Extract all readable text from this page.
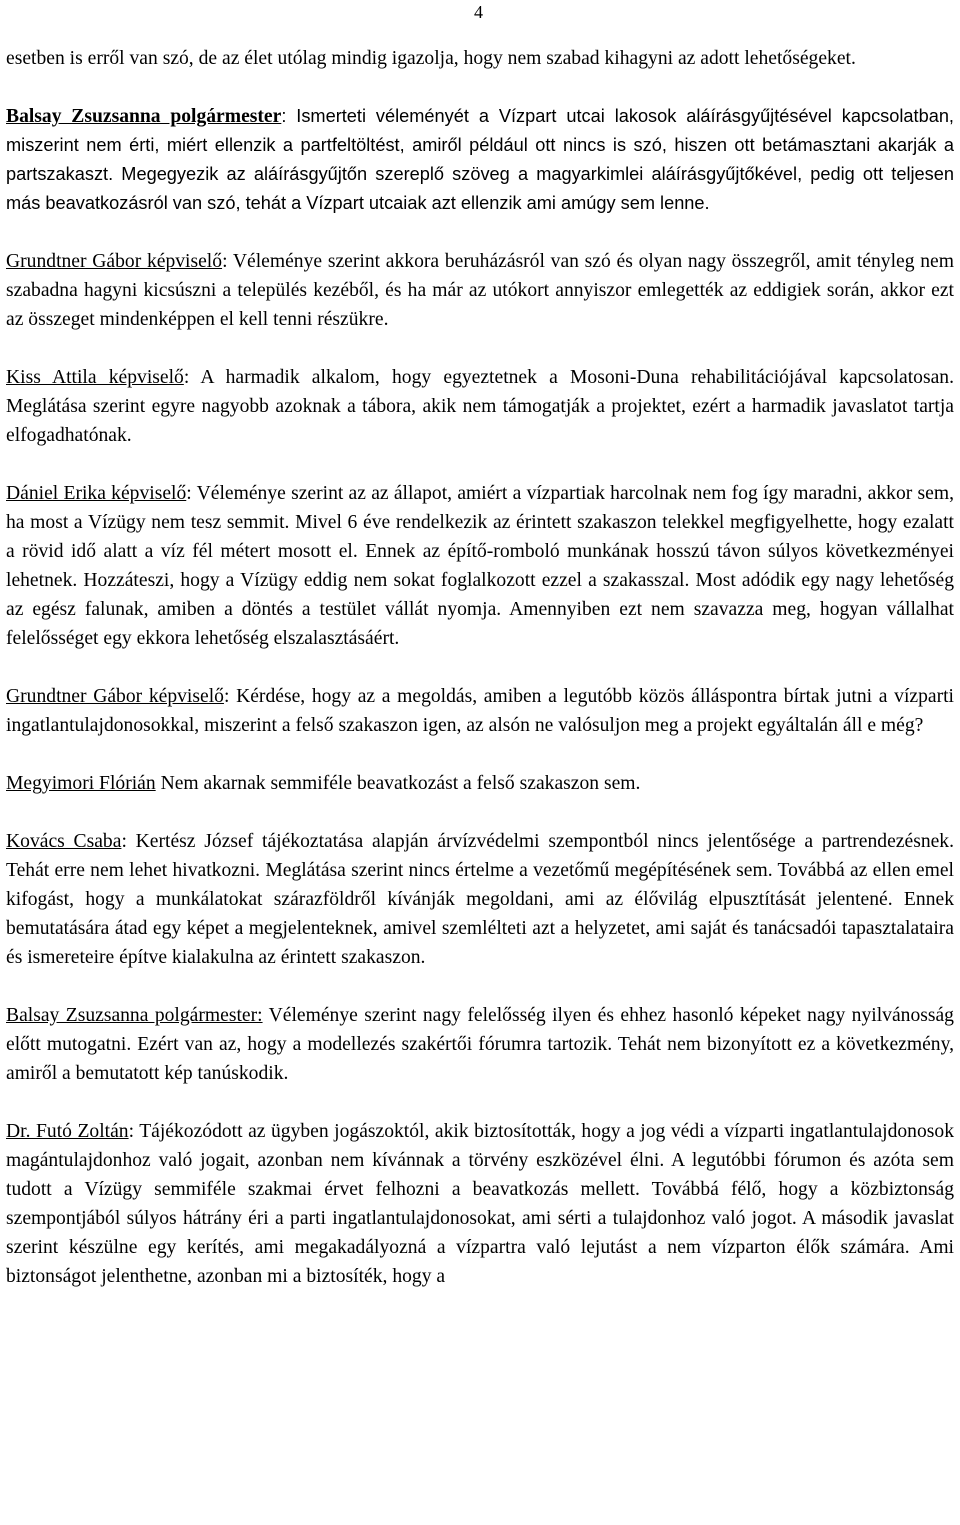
4

esetben is erről van szó, de az élet utólag mindig igazolja, hogy nem szabad kihagyni az adott lehetőségeket.

Balsay Zsuzsanna polgármester: Ismerteti véleményét a Vízpart utcai lakosok aláírásgyűjtésével kapcsolatban, miszerint nem érti, miért ellenzik a partfeltöltést, amiről például ott nincs is szó, hiszen ott betámasztani akarják a partszakaszt. Megegyezik az aláírásgyűjtőn szereplő szöveg a magyarkimlei aláírásgyűjtőkével, pedig ott teljesen más beavatkozásról van szó, tehát a Vízpart utcaiak azt ellenzik ami amúgy sem lenne.

Grundtner Gábor képviselő: Véleménye szerint akkora beruházásról van szó és olyan nagy összegről, amit tényleg nem szabadna hagyni kicsúszni a település kezéből, és ha már az utókort annyiszor emlegették az eddigiek során, akkor ezt az összeget mindenképpen el kell tenni részükre.

Kiss Attila képviselő: A harmadik alkalom, hogy egyeztetnek a Mosoni-Duna rehabilitációjával kapcsolatosan. Meglátása szerint egyre nagyobb azoknak a tábora, akik nem támogatják a projektet, ezért a harmadik javaslatot tartja elfogadhatónak.

Dániel Erika képviselő: Véleménye szerint az az állapot, amiért a vízpartiak harcolnak nem fog így maradni, akkor sem, ha most a Vízügy nem tesz semmit. Mivel 6 éve rendelkezik az érintett szakaszon telekkel megfigyelhette, hogy ezalatt a rövid idő alatt a víz fél métert mosott el. Ennek az építő-romboló munkának hosszú távon súlyos következményei lehetnek. Hozzáteszi, hogy a Vízügy eddig nem sokat foglalkozott ezzel a szakasszal. Most adódik egy nagy lehetőség az egész falunak, amiben a döntés a testület vállát nyomja. Amennyiben ezt nem szavazza meg, hogyan vállalhat felelősséget egy ekkora lehetőség elszalasztásáért.

Grundtner Gábor képviselő: Kérdése, hogy az a megoldás, amiben a legutóbb közös álláspontra bírtak jutni a vízparti ingatlantulajdonosokkal, miszerint a felső szakaszon igen, az alsón ne valósuljon meg a projekt egyáltalán áll e még?

Megyimori Flórián Nem akarnak semmiféle beavatkozást a felső szakaszon sem.

Kovács Csaba: Kertész József tájékoztatása alapján árvízvédelmi szempontból nincs jelentősége a partrendezésnek. Tehát erre nem lehet hivatkozni. Meglátása szerint nincs értelme a vezetőmű megépítésének sem. Továbbá az ellen emel kifogást, hogy a munkálatokat szárazföldről kívánják megoldani, ami az élővilág elpusztítását jelentené. Ennek bemutatására átad egy képet a megjelenteknek, amivel szemlélteti azt a helyzetet, ami saját és tanácsadói tapasztalataira és ismereteire építve kialakulna az érintett szakaszon.

Balsay Zsuzsanna polgármester: Véleménye szerint nagy felelősség ilyen és ehhez hasonló képeket nagy nyilvánosság előtt mutogatni. Ezért van az, hogy a modellezés szakértői fórumra tartozik. Tehát nem bizonyított ez a következmény, amiről a bemutatott kép tanúskodik.

Dr. Futó Zoltán: Tájékozódott az ügyben jogászoktól, akik biztosították, hogy a jog védi a vízparti ingatlantulajdonosok magántulajdonhoz való jogait, azonban nem kívánnak a törvény eszközével élni. A legutóbbi fórumon és azóta sem tudott a Vízügy semmiféle szakmai érvet felhozni a beavatkozás mellett. Továbbá félő, hogy a közbiztonság szempontjából súlyos hátrány éri a parti ingatlantulajdonosokat, ami sérti a tulajdonhoz való jogot. A második javaslat szerint készülne egy kerítés, ami megakadályozná a vízpartra való lejutást a nem vízparton élők számára. Ami biztonságot jelenthetne, azonban mi a biztosíték, hogy a
